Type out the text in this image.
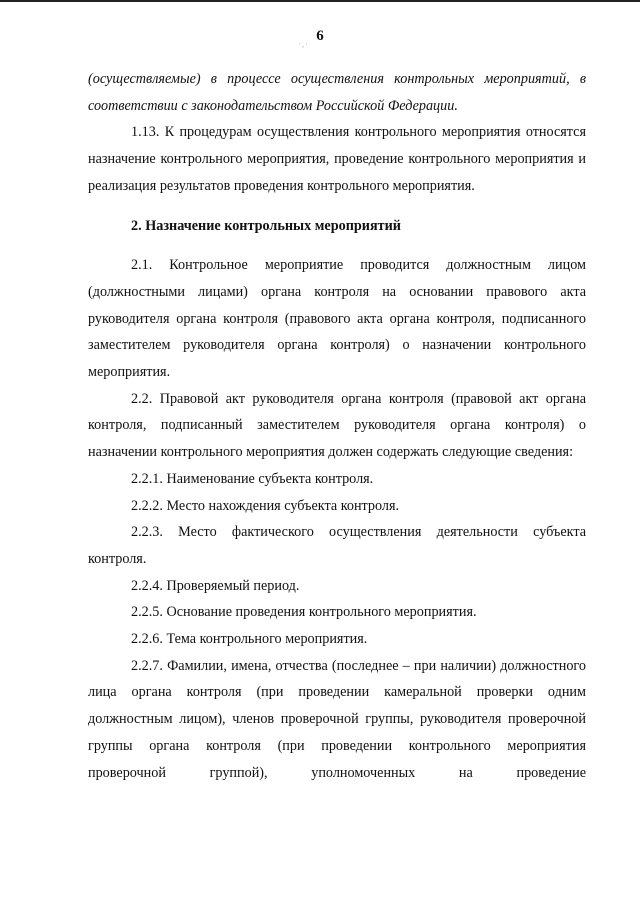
6
·‚·

(осуществляемые) в процессе осуществления контрольных мероприятий, в соответствии с законодательством Российской Федерации.

1.13. К процедурам осуществления контрольного мероприятия относятся назначение контрольного мероприятия, проведение контрольного мероприятия и реализация результатов проведения контрольного мероприятия.

2. Назначение контрольных мероприятий

2.1. Контрольное мероприятие проводится должностным лицом (должностными лицами) органа контроля на основании правового акта руководителя органа контроля (правового акта органа контроля, подписанного заместителем руководителя органа контроля) о назначении контрольного мероприятия.

2.2. Правовой акт руководителя органа контроля (правовой акт органа контроля, подписанный заместителем руководителя органа контроля) о назначении контрольного мероприятия должен содержать следующие сведения:

2.2.1. Наименование субъекта контроля.

2.2.2. Место нахождения субъекта контроля.

2.2.3. Место фактического осуществления деятельности субъекта контроля.

2.2.4. Проверяемый период.

2.2.5. Основание проведения контрольного мероприятия.

2.2.6. Тема контрольного мероприятия.

2.2.7. Фамилии, имена, отчества (последнее – при наличии) должностного лица органа контроля (при проведении камеральной проверки одним должностным лицом), членов проверочной группы, руководителя проверочной группы органа контроля (при проведении контрольного мероприятия проверочной группой), уполномоченных на проведение
